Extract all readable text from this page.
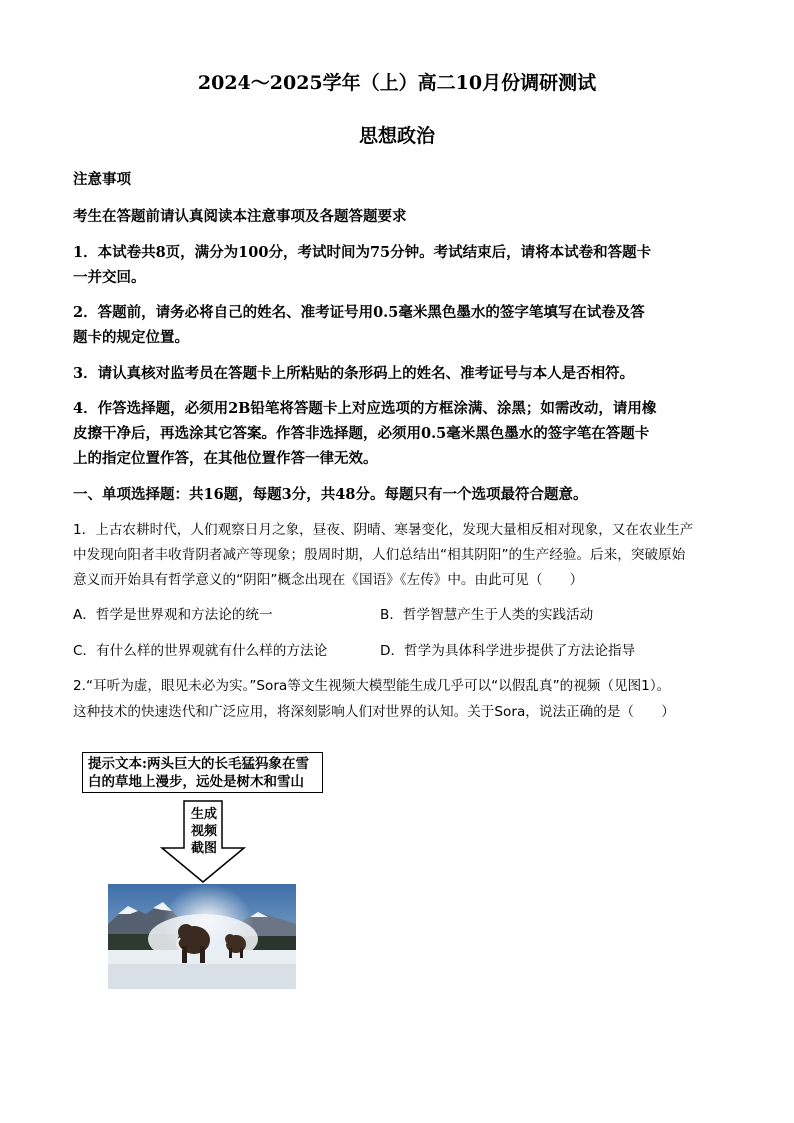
2024～2025学年（上）高二10月份调研测试
思想政治
注意事项
考生在答题前请认真阅读本注意事项及各题答题要求
1．本试卷共8页，满分为100分，考试时间为75分钟。考试结束后，请将本试卷和答题卡
一并交回。
2．答题前，请务必将自己的姓名、准考证号用0.5毫米黑色墨水的签字笔填写在试卷及答
题卡的规定位置。
3．请认真核对监考员在答题卡上所粘贴的条形码上的姓名、准考证号与本人是否相符。
4．作答选择题，必须用2B铅笔将答题卡上对应选项的方框涂满、涂黑；如需改动，请用橡
皮擦干净后，再选涂其它答案。作答非选择题，必须用0.5毫米黑色墨水的签字笔在答题卡
上的指定位置作答，在其他位置作答一律无效。
一、单项选择题：共16题，每题3分，共48分。每题只有一个选项最符合题意。
1．上古农耕时代，人们观察日月之象，昼夜、阴晴、寒暑变化，发现大量相反相对现象，又在农业生产
中发现向阳者丰收背阴者减产等现象；殷周时期，人们总结出“相其阴阳”的生产经验。后来，突破原始
意义而开始具有哲学意义的“阴阳”概念出现在《国语》《左传》中。由此可见（　　）
A．哲学是世界观和方法论的统一	B．哲学智慧产生于人类的实践活动
C．有什么样的世界观就有什么样的方法论	D．哲学为具体科学进步提供了方法论指导
2.“耳听为虚，眼见未必为实。”Sora等文生视频大模型能生成几乎可以“以假乱真”的视频（见图1）。
这种技术的快速迭代和广泛应用，将深刻影响人们对世界的认知。关于Sora，说法正确的是（　　）
提示文本:两头巨大的长毛猛犸象在雪
白的草地上漫步，远处是树木和雪山
生成
视频
截图
